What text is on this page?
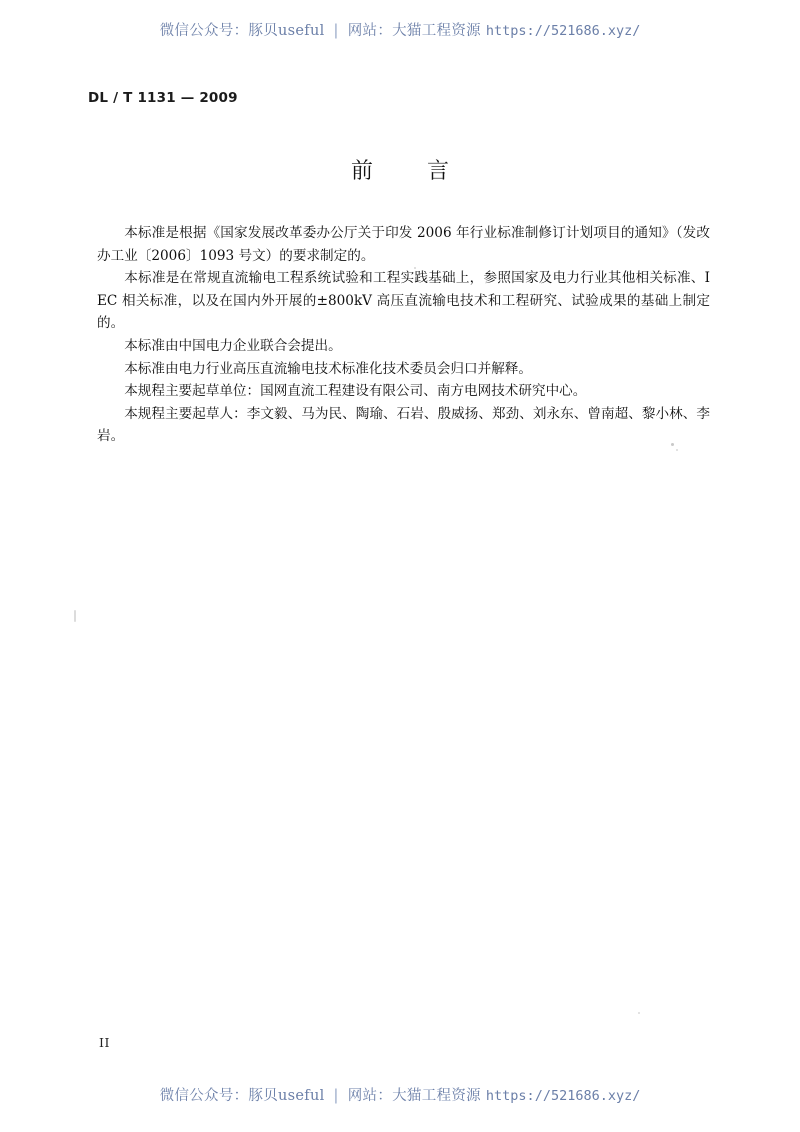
微信公众号：豚贝useful | 网站：大猫工程资源 https://521686.xyz/
DL / T 1131 — 2009
前　言

本标准是根据《国家发展改革委办公厅关于印发 2006 年行业标准制修订计划项目的通知》（发改办工业〔2006〕1093 号文）的要求制定的。

本标准是在常规直流输电工程系统试验和工程实践基础上，参照国家及电力行业其他相关标准、IEC 相关标准，以及在国内外开展的±800kV 高压直流输电技术和工程研究、试验成果的基础上制定的。

本标准由中国电力企业联合会提出。

本标准由电力行业高压直流输电技术标准化技术委员会归口并解释。

本规程主要起草单位：国网直流工程建设有限公司、南方电网技术研究中心。

本规程主要起草人：李文毅、马为民、陶瑜、石岩、殷威扬、郑劲、刘永东、曾南超、黎小林、李岩。

II
微信公众号：豚贝useful | 网站：大猫工程资源 https://521686.xyz/
